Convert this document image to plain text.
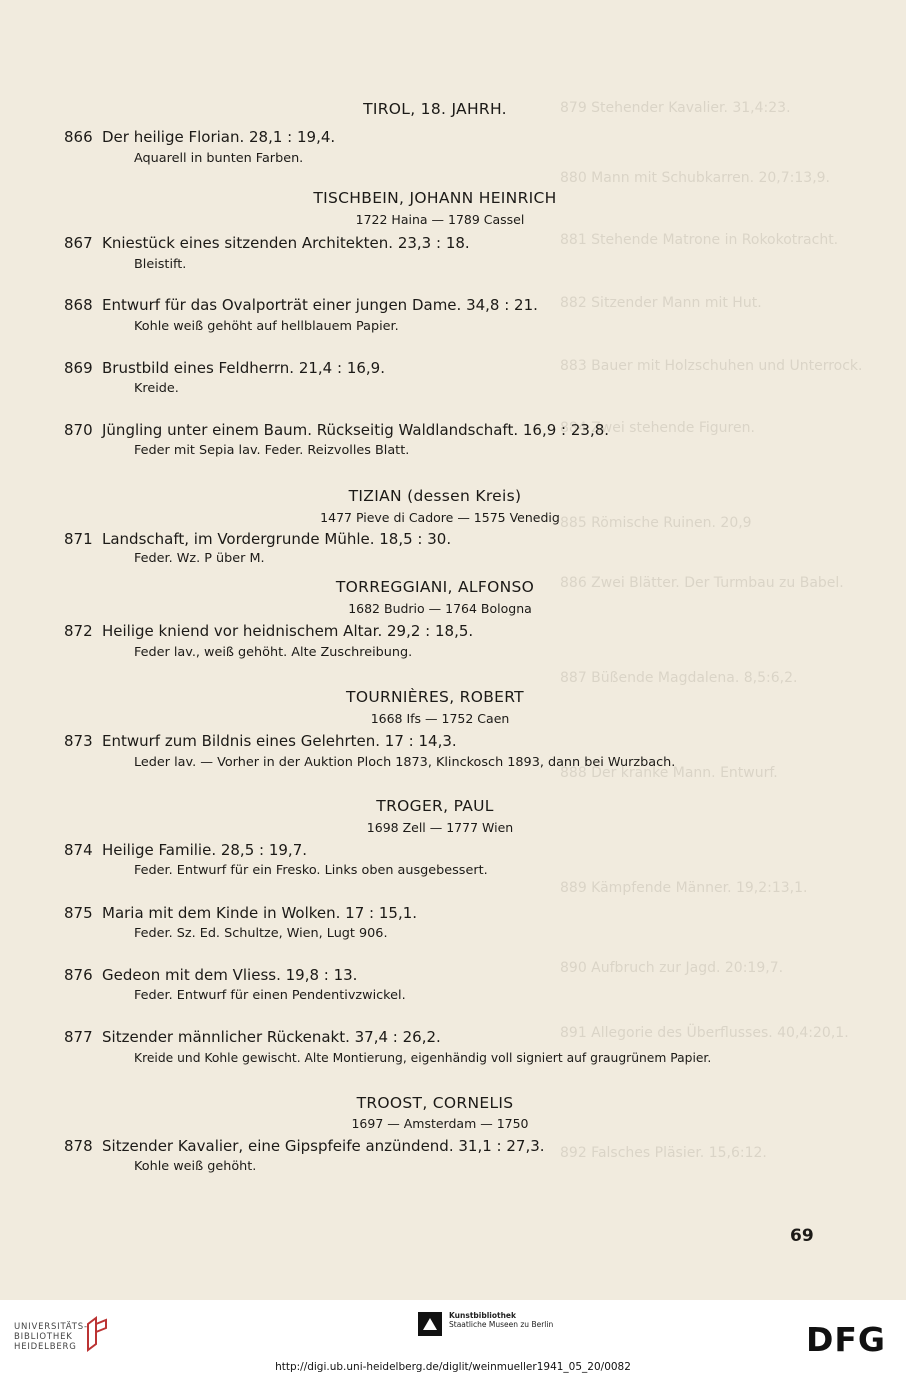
879 Stehender Kavalier. 31,4:23.
880 Mann mit Schubkarren. 20,7:13,9.
881 Stehende Matrone in Rokokotracht.
882 Sitzender Mann mit Hut.
883 Bauer mit Holzschuhen und Unterrock.
884 Zwei stehende Figuren.
885 Römische Ruinen. 20,9
886 Zwei Blätter. Der Turmbau zu Babel.
887 Büßende Magdalena. 8,5:6,2.
888 Der kranke Mann. Entwurf.
889 Kämpfende Männer. 19,2:13,1.
890 Aufbruch zur Jagd. 20:19,7.
891 Allegorie des Überflusses. 40,4:20,1.
892 Falsches Pläsier. 15,6:12.
TIROL, 18. JAHRH.
866 Der heilige Florian. 28,1 : 19,4.
Aquarell in bunten Farben.
TISCHBEIN, JOHANN HEINRICH
1722 Haina — 1789 Cassel
867 Kniestück eines sitzenden Architekten. 23,3 : 18.
Bleistift.
868 Entwurf für das Ovalporträt einer jungen Dame. 34,8 : 21.
Kohle weiß gehöht auf hellblauem Papier.
869 Brustbild eines Feldherrn. 21,4 : 16,9.
Kreide.
870 Jüngling unter einem Baum. Rückseitig Waldlandschaft. 16,9 : 23,8.
Feder mit Sepia lav. Feder. Reizvolles Blatt.
TIZIAN (dessen Kreis)
1477 Pieve di Cadore — 1575 Venedig
871 Landschaft, im Vordergrunde Mühle. 18,5 : 30.
Feder. Wz. P über M.
TORREGGIANI, ALFONSO
1682 Budrio — 1764 Bologna
872 Heilige kniend vor heidnischem Altar. 29,2 : 18,5.
Feder lav., weiß gehöht. Alte Zuschreibung.
TOURNIÈRES, ROBERT
1668 Ifs — 1752 Caen
873 Entwurf zum Bildnis eines Gelehrten. 17 : 14,3.
Leder lav. — Vorher in der Auktion Ploch 1873, Klinckosch 1893, dann bei Wurzbach.
TROGER, PAUL
1698 Zell — 1777 Wien
874 Heilige Familie. 28,5 : 19,7.
Feder. Entwurf für ein Fresko. Links oben ausgebessert.
875 Maria mit dem Kinde in Wolken. 17 : 15,1.
Feder. Sz. Ed. Schultze, Wien, Lugt 906.
876 Gedeon mit dem Vliess. 19,8 : 13.
Feder. Entwurf für einen Pendentivzwickel.
877 Sitzender männlicher Rückenakt. 37,4 : 26,2.
Kreide und Kohle gewischt. Alte Montierung, eigenhändig voll signiert auf graugrünem Papier.
TROOST, CORNELIS
1697 — Amsterdam — 1750
878 Sitzender Kavalier, eine Gipspfeife anzündend. 31,1 : 27,3.
Kohle weiß gehöht.
69
UNIVERSITÄTS-
BIBLIOTHEK
HEIDELBERG
Kunstbibliothek
Staatliche Museen zu Berlin	DFG
http://digi.ub.uni-heidelberg.de/diglit/weinmueller1941_05_20/0082
